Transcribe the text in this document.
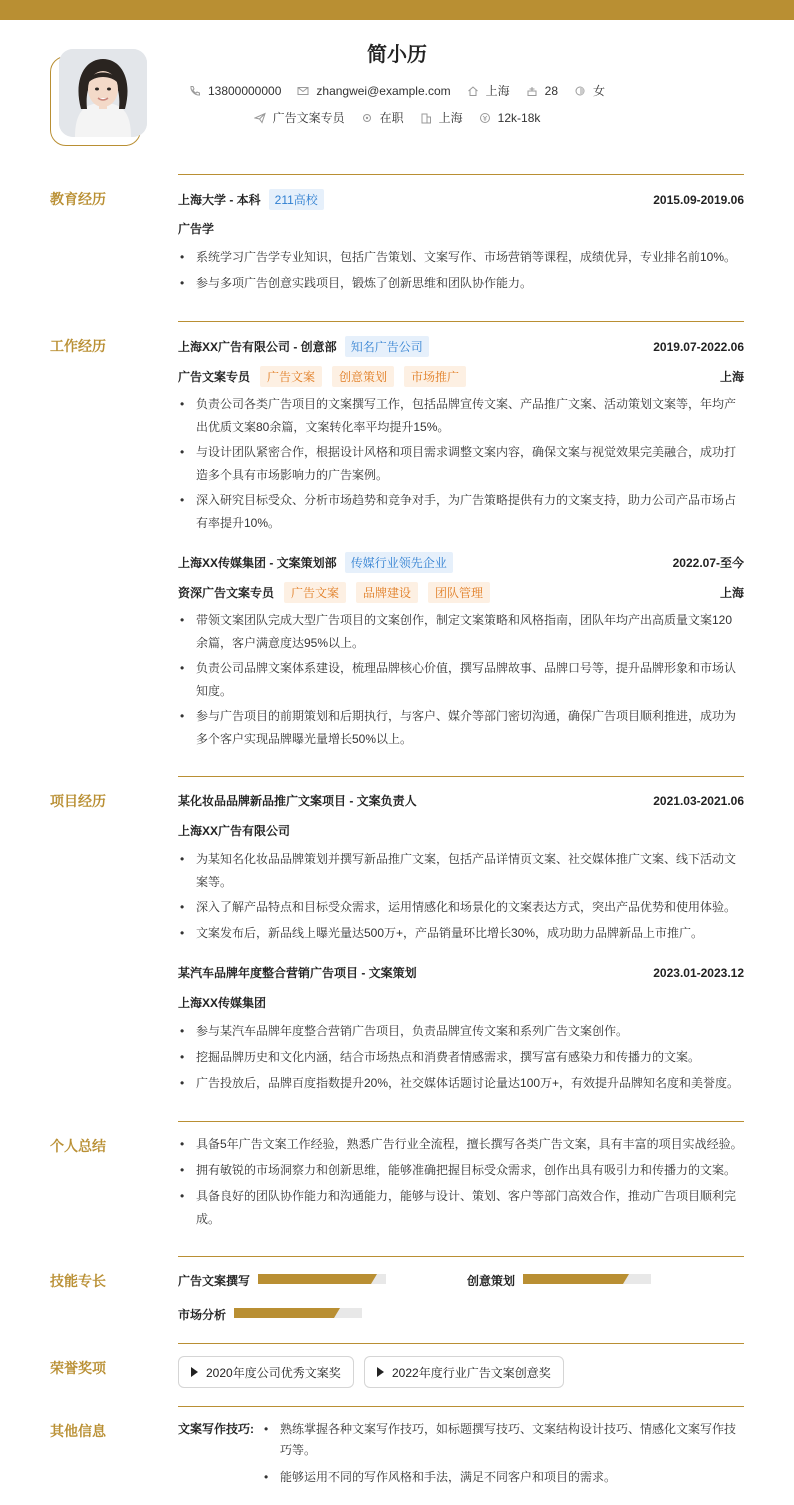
简小历
13800000000	zhangwei@example.com	上海	28	女
广告文案专员	在职	上海	12k-18k
教育经历	上海大学 - 本科	211高校	2015.09-2019.06
广告学
• 系统学习广告学专业知识，包括广告策划、文案写作、市场营销等课程，成绩优异，专业排名前10%。
• 参与多项广告创意实践项目，锻炼了创新思维和团队协作能力。
工作经历	上海XX广告有限公司 - 创意部	知名广告公司	2019.07-2022.06
广告文案专员	广告文案	创意策划	市场推广	上海
• 负责公司各类广告项目的文案撰写工作，包括品牌宣传文案、产品推广文案、活动策划文案等，年均产出优质文案80余篇，文案转化率平均提升15%。
• 与设计团队紧密合作，根据设计风格和项目需求调整文案内容，确保文案与视觉效果完美融合，成功打造多个具有市场影响力的广告案例。
• 深入研究目标受众、分析市场趋势和竞争对手，为广告策略提供有力的文案支持，助力公司产品市场占有率提升10%。
上海XX传媒集团 - 文案策划部	传媒行业领先企业	2022.07-至今
资深广告文案专员	广告文案	品牌建设	团队管理	上海
• 带领文案团队完成大型广告项目的文案创作，制定文案策略和风格指南，团队年均产出高质量文案120余篇，客户满意度达95%以上。
• 负责公司品牌文案体系建设，梳理品牌核心价值，撰写品牌故事、品牌口号等，提升品牌形象和市场认知度。
• 参与广告项目的前期策划和后期执行，与客户、媒介等部门密切沟通，确保广告项目顺利推进，成功为多个客户实现品牌曝光量增长50%以上。
项目经历	某化妆品品牌新品推广文案项目 - 文案负责人	2021.03-2021.06
上海XX广告有限公司
• 为某知名化妆品品牌策划并撰写新品推广文案，包括产品详情页文案、社交媒体推广文案、线下活动文案等。
• 深入了解产品特点和目标受众需求，运用情感化和场景化的文案表达方式，突出产品优势和使用体验。
• 文案发布后，新品线上曝光量达500万+，产品销量环比增长30%，成功助力品牌新品上市推广。
某汽车品牌年度整合营销广告项目 - 文案策划	2023.01-2023.12
上海XX传媒集团
• 参与某汽车品牌年度整合营销广告项目，负责品牌宣传文案和系列广告文案创作。
• 挖掘品牌历史和文化内涵，结合市场热点和消费者情感需求，撰写富有感染力和传播力的文案。
• 广告投放后，品牌百度指数提升20%，社交媒体话题讨论量达100万+，有效提升品牌知名度和美誉度。
个人总结	• 具备5年广告文案工作经验，熟悉广告行业全流程，擅长撰写各类广告文案，具有丰富的项目实战经验。
• 拥有敏锐的市场洞察力和创新思维，能够准确把握目标受众需求，创作出具有吸引力和传播力的文案。
• 具备良好的团队协作能力和沟通能力，能够与设计、策划、客户等部门高效合作，推动广告项目顺利完成。
技能专长	广告文案撰写	创意策划
市场分析
荣誉奖项	2020年度公司优秀文案奖	2022年度行业广告文案创意奖
其他信息	文案写作技巧:	• 熟练掌握各种文案写作技巧，如标题撰写技巧、文案结构设计技巧、情感化文案写作技巧等。
• 能够运用不同的写作风格和手法，满足不同客户和项目的需求。
